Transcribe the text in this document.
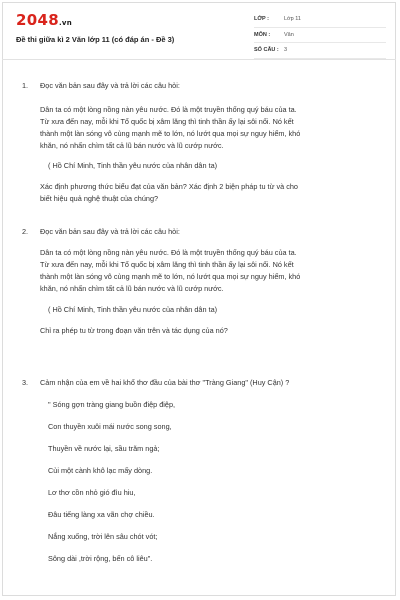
2048.vn
Đề thi giữa kì 2 Văn lớp 11 (có đáp án - Đề 3)
LỚP :	Lớp 11
MÔN :	Văn
SỐ CÂU : 3
1. Đọc văn bản sau đây và trả lời các câu hỏi:
Dân ta có một lòng nồng nàn yêu nước. Đó là một truyền thống quý báu của ta.
Từ xưa đến nay, mỗi khi Tổ quốc bị xâm lăng thì tinh thần ấy lại sôi nổi. Nó kết
thành một làn sóng vô cùng mạnh mẽ to lớn, nó lướt qua mọi sự nguy hiểm, khó
khăn, nó nhấn chìm tất cả lũ bán nước và lũ cướp nước.
( Hồ Chí Minh, Tinh thần yêu nước của nhân dân ta)
Xác định phương thức biểu đạt của văn bản? Xác định 2 biện pháp tu từ và cho
biết hiệu quả nghệ thuật của chúng?
2. Đọc văn bản sau đây và trả lời các câu hỏi:
Dân ta có một lòng nồng nàn yêu nước. Đó là một truyền thống quý báu của ta.
Từ xưa đến nay, mỗi khi Tổ quốc bị xâm lăng thì tinh thần ấy lại sôi nổi. Nó kết
thành một làn sóng vô cùng mạnh mẽ to lớn, nó lướt qua mọi sự nguy hiểm, khó
khăn, nó nhấn chìm tất cả lũ bán nước và lũ cướp nước.
( Hồ Chí Minh, Tinh thần yêu nước của nhân dân ta)
Chỉ ra phép tu từ trong đoạn văn trên và tác dụng của nó?
3. Cảm nhận của em về hai khổ thơ đầu của bài thơ "Tràng Giang" (Huy Cận) ?
" Sóng gợn tràng giang buồn điệp điệp,
Con thuyền xuôi mái nước song song,
Thuyền về nước lại, sầu trăm ngả;
Củi một cành khô lạc mấy dòng.
Lơ thơ cồn nhỏ gió đìu hiu,
Đâu tiếng làng xa vãn chợ chiều.
Nắng xuống, trời lên sâu chót vót;
Sông dài ,trời rộng, bến cô liêu".
